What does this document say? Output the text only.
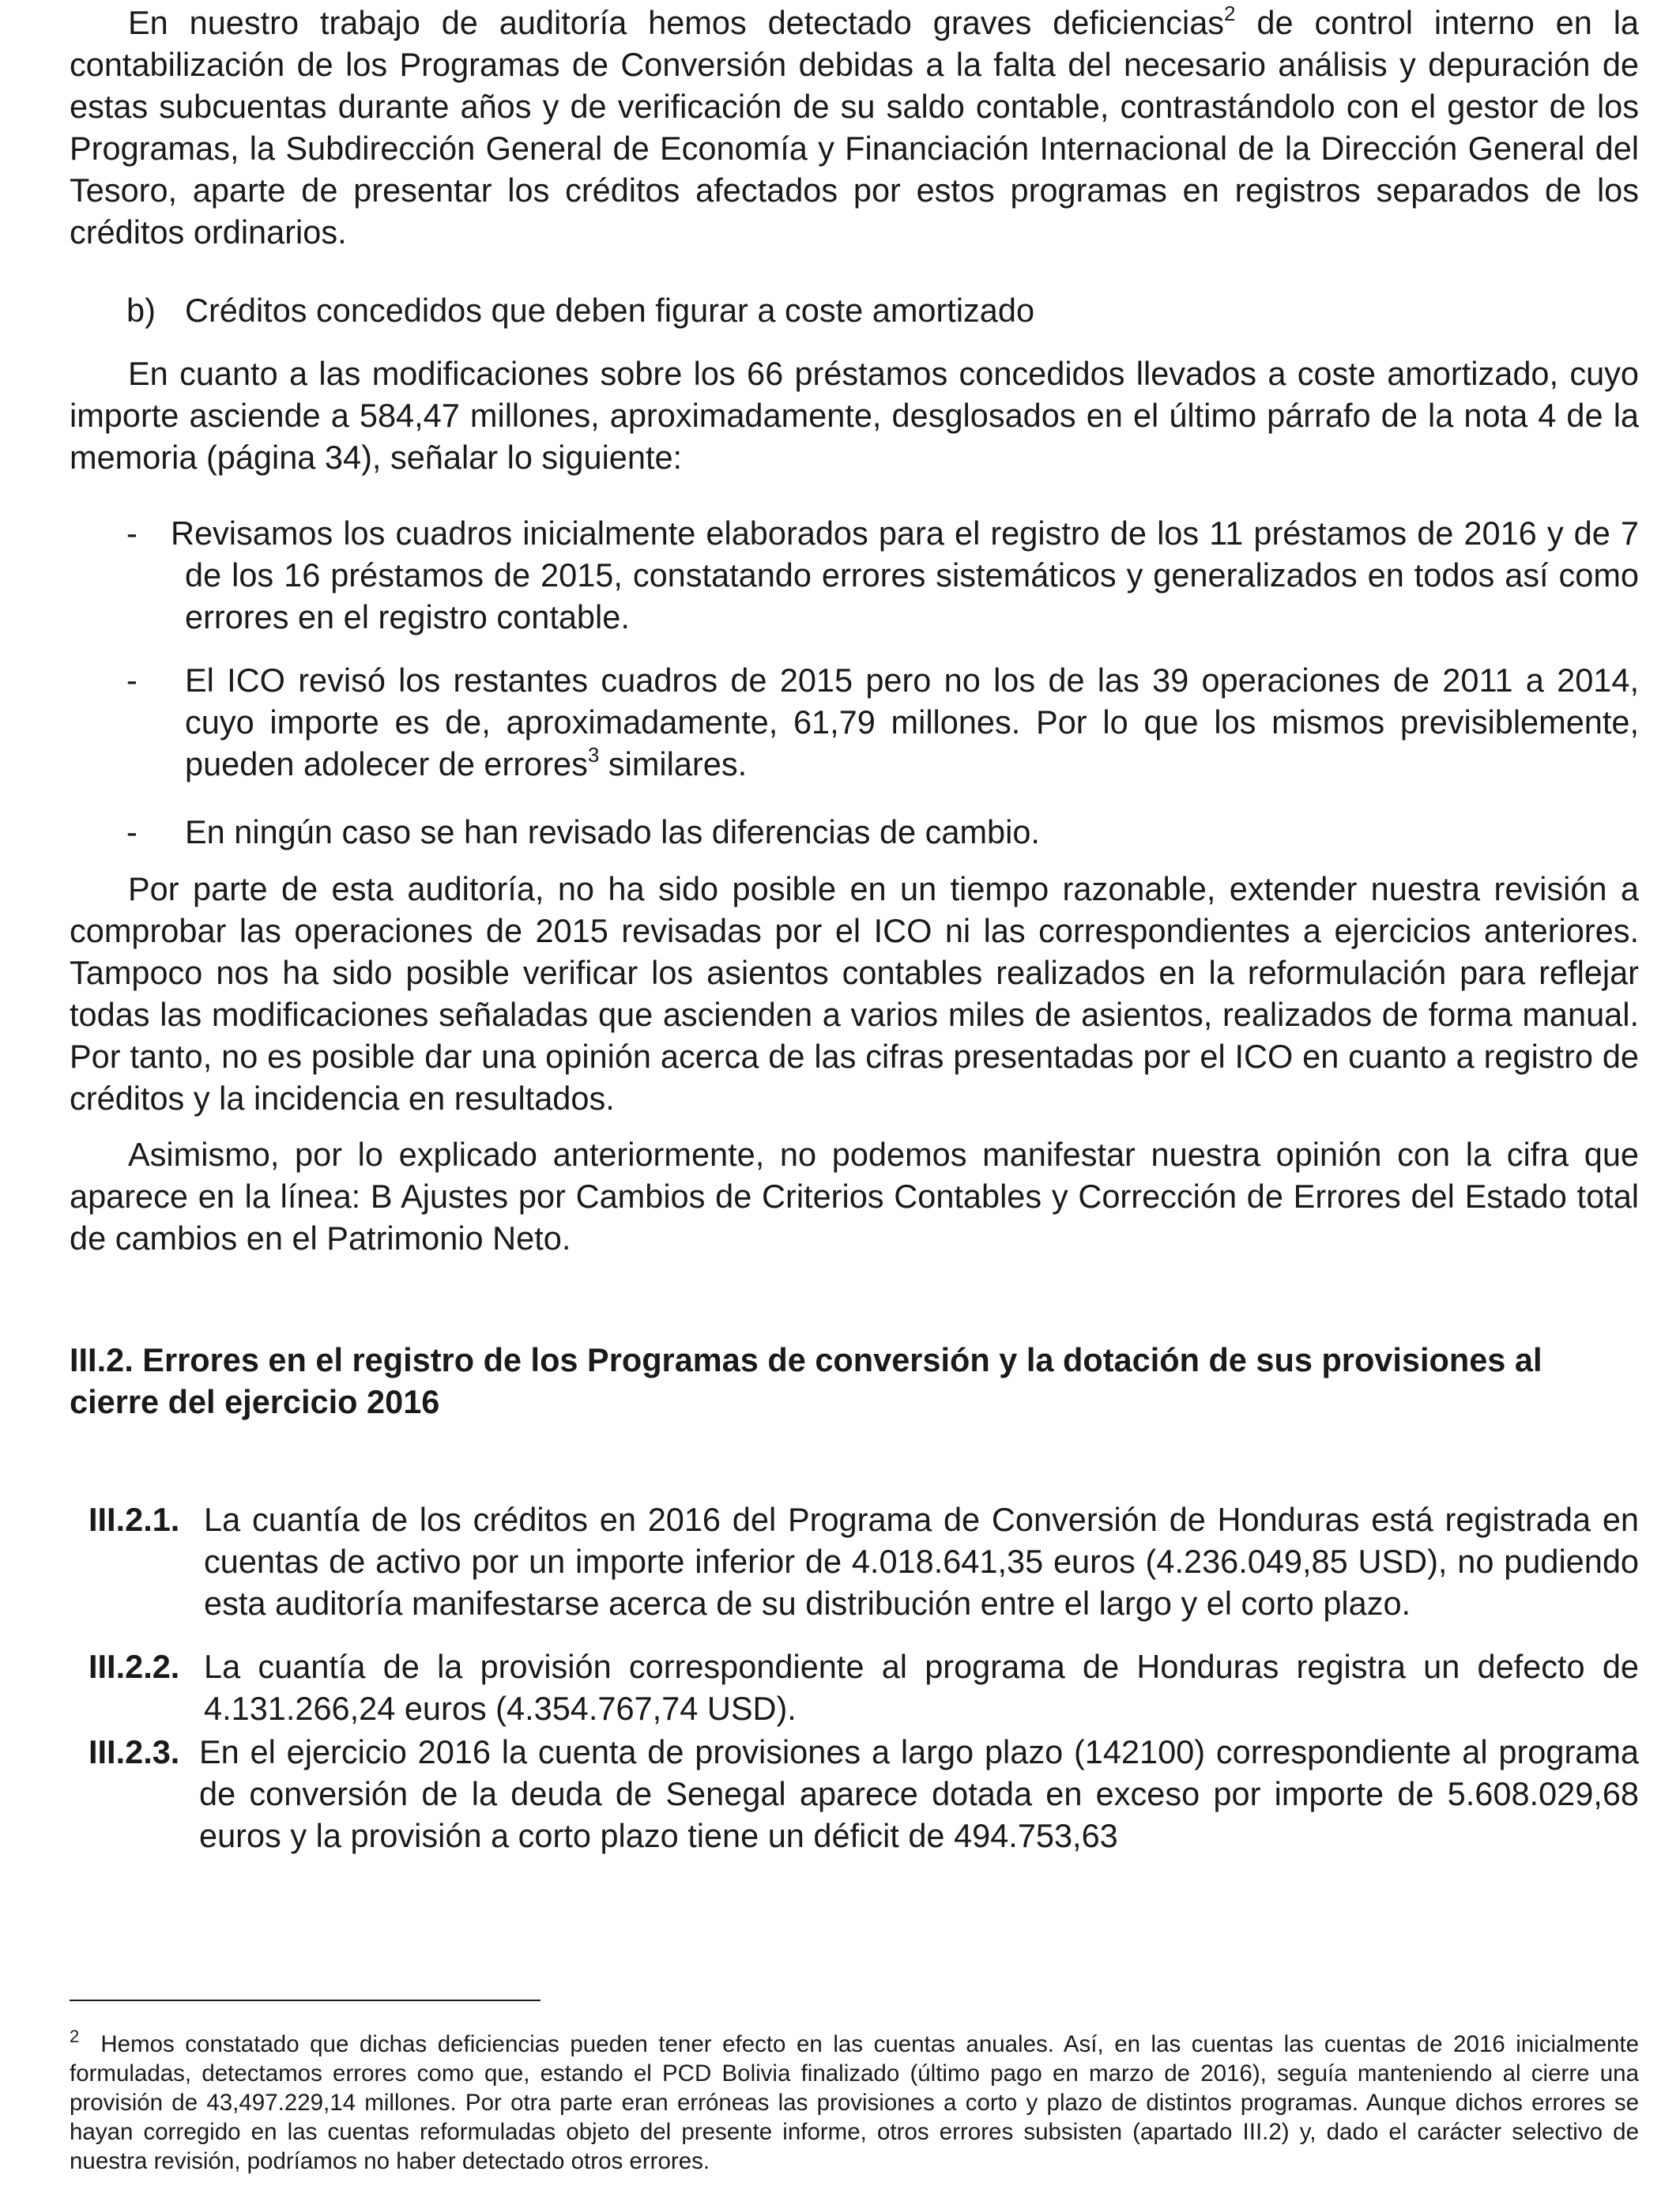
En nuestro trabajo de auditoría hemos detectado graves deficiencias$^2$ de control interno en la contabilización de los Programas de Conversión debidas a la falta del necesario análisis y depuración de estas subcuentas durante años y de verificación de su saldo contable, contrastándolo con el gestor de los Programas, la Subdirección General de Economía y Financiación Internacional de la Dirección General del Tesoro, aparte de presentar los créditos afectados por estos programas en registros separados de los créditos ordinarios.

b) Créditos concedidos que deben figurar a coste amortizado

En cuanto a las modificaciones sobre los 66 préstamos concedidos llevados a coste amortizado, cuyo importe asciende a 584,47 millones, aproximadamente, desglosados en el último párrafo de la nota 4 de la memoria (página 34), señalar lo siguiente:

-	Revisamos los cuadros inicialmente elaborados para el registro de los 11 préstamos de 2016 y de 7 de los 16 préstamos de 2015, constatando errores sistemáticos y generalizados en todos así como errores en el registro contable.
-	El ICO revisó los restantes cuadros de 2015 pero no los de las 39 operaciones de 2011 a 2014, cuyo importe es de, aproximadamente, 61,79 millones. Por lo que los mismos previsiblemente, pueden adolecer de errores$^3$ similares.
-	En ningún caso se han revisado las diferencias de cambio.

Por parte de esta auditoría, no ha sido posible en un tiempo razonable, extender nuestra revisión a comprobar las operaciones de 2015 revisadas por el ICO ni las correspondientes a ejercicios anteriores. Tampoco nos ha sido posible verificar los asientos contables realizados en la reformulación para reflejar todas las modificaciones señaladas que ascienden a varios miles de asientos, realizados de forma manual. Por tanto, no es posible dar una opinión acerca de las cifras presentadas por el ICO en cuanto a registro de créditos y la incidencia en resultados.

Asimismo, por lo explicado anteriormente, no podemos manifestar nuestra opinión con la cifra que aparece en la línea: B Ajustes por Cambios de Criterios Contables y Corrección de Errores del Estado total de cambios en el Patrimonio Neto.

III.2. Errores en el registro de los Programas de conversión y la dotación de sus provisiones al cierre del ejercicio 2016
III.2.1. La cuantía de los créditos en 2016 del Programa de Conversión de Honduras está registrada en cuentas de activo por un importe inferior de 4.018.641,35 euros (4.236.049,85 USD), no pudiendo esta auditoría manifestarse acerca de su distribución entre el largo y el corto plazo.
III.2.2. La cuantía de la provisión correspondiente al programa de Honduras registra un defecto de 4.131.266,24 euros (4.354.767,74 USD).
III.2.3. En el ejercicio 2016 la cuenta de provisiones a largo plazo (142100) correspondiente al programa de conversión de la deuda de Senegal aparece dotada en exceso por importe de 5.608.029,68 euros y la provisión a corto plazo tiene un déficit de 494.753,63

$^2$ Hemos constatado que dichas deficiencias pueden tener efecto en las cuentas anuales. Así, en las cuentas las cuentas de 2016 inicialmente formuladas, detectamos errores como que, estando el PCD Bolivia finalizado (último pago en marzo de 2016), seguía manteniendo al cierre una provisión de 43,497.229,14 millones. Por otra parte eran erróneas las provisiones a corto y plazo de distintos programas. Aunque dichos errores se hayan corregido en las cuentas reformuladas objeto del presente informe, otros errores subsisten (apartado III.2) y, dado el carácter selectivo de nuestra revisión, podríamos no haber detectado otros errores.
